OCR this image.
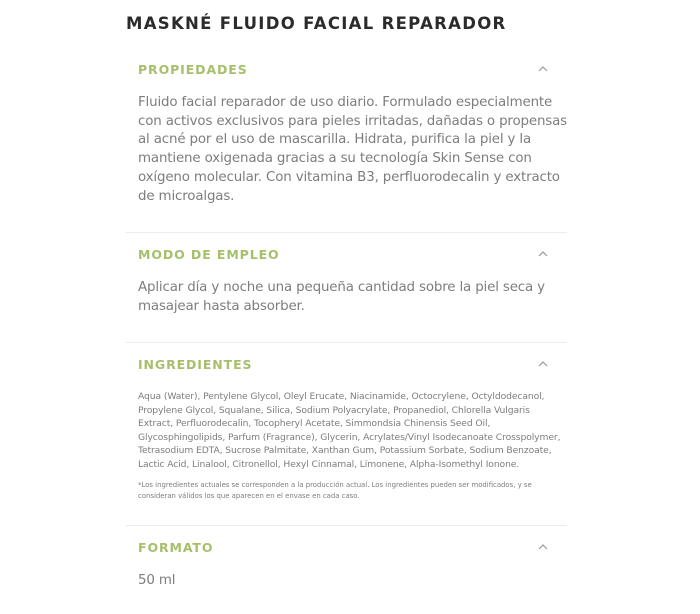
MASKNÉ FLUIDO FACIAL REPARADOR
PROPIEDADES

Fluido facial reparador de uso diario. Formulado especialmente con activos exclusivos para pieles irritadas, dañadas o propensas al acné por el uso de mascarilla. Hidrata, purifica la piel y la mantiene oxigenada gracias a su tecnología Skin Sense con oxígeno molecular. Con vitamina B3, perfluorodecalin y extracto de microalgas.

MODO DE EMPLEO

Aplicar día y noche una pequeña cantidad sobre la piel seca y masajear hasta absorber.

INGREDIENTES

Aqua (Water), Pentylene Glycol, Oleyl Erucate, Niacinamide, Octocrylene, Octyldodecanol, Propylene Glycol, Squalane, Silica, Sodium Polyacrylate, Propanediol, Chlorella Vulgaris Extract, Perfluorodecalin, Tocopheryl Acetate, Simmondsia Chinensis Seed Oil, Glycosphingolipids, Parfum (Fragrance), Glycerin, Acrylates/Vinyl Isodecanoate Crosspolymer, Tetrasodium EDTA, Sucrose Palmitate, Xanthan Gum, Potassium Sorbate, Sodium Benzoate, Lactic Acid, Linalool, Citronellol, Hexyl Cinnamal, Limonene, Alpha-Isomethyl Ionone.

*Los ingredientes actuales se corresponden a la producción actual. Los ingredientes pueden ser modificados, y se consideran válidos los que aparecen en el envase en cada caso.

FORMATO

50 ml
